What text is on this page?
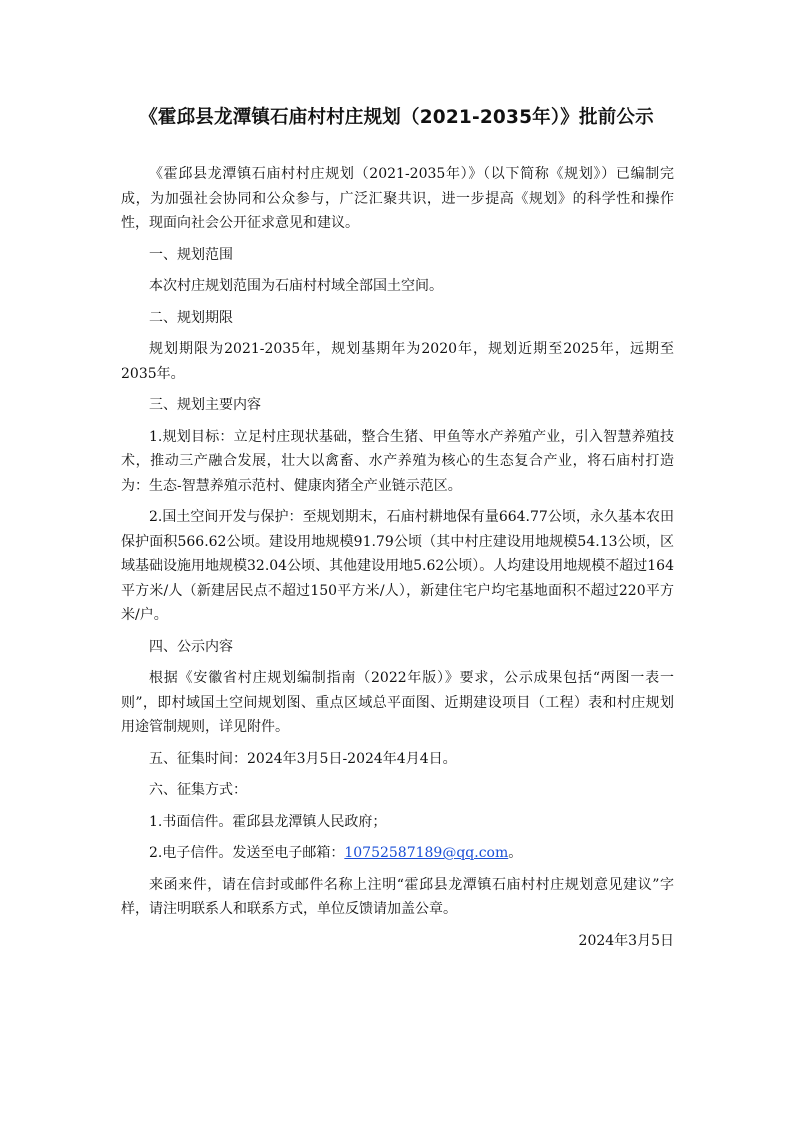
《霍邱县龙潭镇石庙村村庄规划（2021-2035年）》批前公示

《霍邱县龙潭镇石庙村村庄规划（2021-2035年）》（以下简称《规划》）已编制完成，为加强社会协同和公众参与，广泛汇聚共识，进一步提高《规划》的科学性和操作性，现面向社会公开征求意见和建议。

一、规划范围

本次村庄规划范围为石庙村村域全部国土空间。

二、规划期限

规划期限为2021-2035年，规划基期年为2020年，规划近期至2025年，远期至2035年。

三、规划主要内容

1.规划目标：立足村庄现状基础，整合生猪、甲鱼等水产养殖产业，引入智慧养殖技术，推动三产融合发展，壮大以禽畜、水产养殖为核心的生态复合产业，将石庙村打造为：生态-智慧养殖示范村、健康肉猪全产业链示范区。

2.国土空间开发与保护：至规划期末，石庙村耕地保有量664.77公顷，永久基本农田保护面积566.62公顷。建设用地规模91.79公顷（其中村庄建设用地规模54.13公顷，区域基础设施用地规模32.04公顷、其他建设用地5.62公顷）。人均建设用地规模不超过164平方米/人（新建居民点不超过150平方米/人），新建住宅户均宅基地面积不超过220平方米/户。

四、公示内容

根据《安徽省村庄规划编制指南（2022年版）》要求，公示成果包括“两图一表一则”，即村域国土空间规划图、重点区域总平面图、近期建设项目（工程）表和村庄规划用途管制规则，详见附件。

五、征集时间：2024年3月5日-2024年4月4日。

六、征集方式：

1.书面信件。霍邱县龙潭镇人民政府；

2.电子信件。发送至电子邮箱：10752587189@qq.com。

来函来件，请在信封或邮件名称上注明“霍邱县龙潭镇石庙村村庄规划意见建议”字样，请注明联系人和联系方式，单位反馈请加盖公章。

2024年3月5日
